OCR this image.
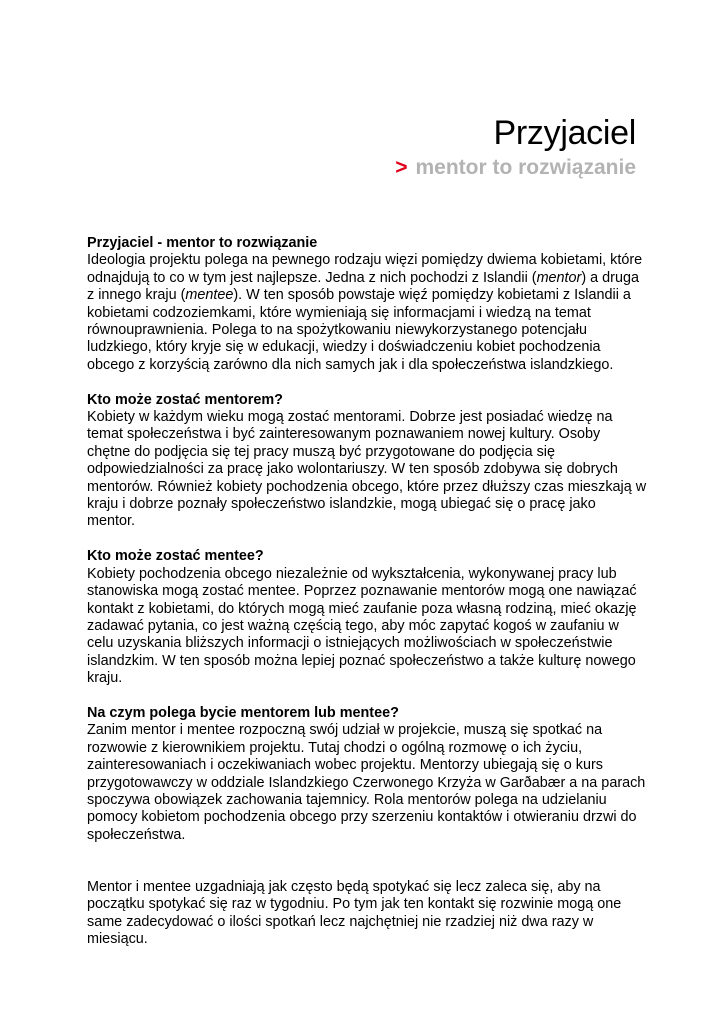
Przyjaciel
> mentor to rozwiązanie
Przyjaciel - mentor to rozwiązanie

Ideologia projektu polega na pewnego rodzaju więzi pomiędzy dwiema kobietami, które odnajdują to co w tym jest najlepsze. Jedna z nich pochodzi z Islandii (mentor) a druga z innego kraju (mentee). W ten sposób powstaje więź pomiędzy kobietami z Islandii a kobietami codzoziemkami, które wymieniają się informacjami i wiedzą na temat równouprawnienia. Polega to na spożytkowaniu niewykorzystanego potencjału ludzkiego, który kryje się w edukacji, wiedzy i doświadczeniu kobiet pochodzenia obcego z korzyścią zarówno dla nich samych jak i dla społeczeństwa islandzkiego.

Kto może zostać mentorem?

Kobiety w każdym wieku mogą zostać mentorami. Dobrze jest posiadać wiedzę na temat społeczeństwa i być zainteresowanym poznawaniem nowej kultury. Osoby chętne do podjęcia się tej pracy muszą być przygotowane do podjęcia się odpowiedzialności za pracę jako wolontariuszy. W ten sposób zdobywa się dobrych mentorów. Również kobiety pochodzenia obcego, które przez dłuższy czas mieszkają w kraju i dobrze poznały społeczeństwo islandzkie, mogą ubiegać się o pracę jako mentor.

Kto może zostać mentee?

Kobiety pochodzenia obcego niezależnie od wykształcenia, wykonywanej pracy lub stanowiska mogą zostać mentee. Poprzez poznawanie mentorów mogą one nawiązać kontakt z kobietami, do których mogą mieć zaufanie poza własną rodziną, mieć okazję zadawać pytania, co jest ważną częścią tego, aby móc zapytać kogoś w zaufaniu w celu uzyskania bliższych informacji o istniejących możliwościach w społeczeństwie islandzkim. W ten sposób można lepiej poznać społeczeństwo a także kulturę nowego kraju.

Na czym polega bycie mentorem lub mentee?

Zanim mentor i mentee rozpoczną swój udział w projekcie, muszą się spotkać na rozwowie z kierownikiem projektu. Tutaj chodzi o ogólną rozmowę o ich życiu, zainteresowaniach i oczekiwaniach wobec projektu. Mentorzy ubiegają się o kurs przygotowawczy w oddziale Islandzkiego Czerwonego Krzyża w Garðabær a na parach spoczywa obowiązek zachowania tajemnicy. Rola mentorów polega na udzielaniu pomocy kobietom pochodzenia obcego przy szerzeniu kontaktów i otwieraniu drzwi do społeczeństwa.

Mentor i mentee uzgadniają jak często będą spotykać się lecz zaleca się, aby na początku spotykać się raz w tygodniu. Po tym jak ten kontakt się rozwinie mogą one same zadecydować o ilości spotkań lecz najchętniej nie rzadziej niż dwa razy w miesiącu.
